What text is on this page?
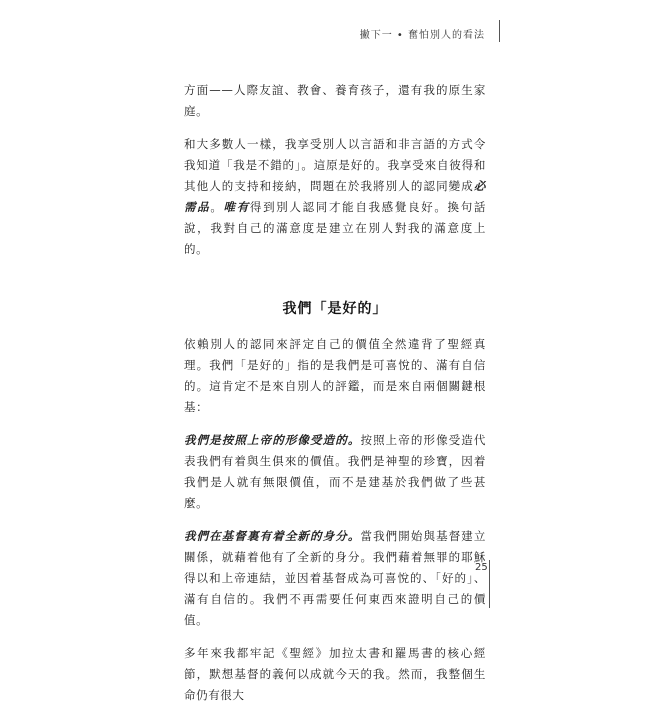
撇下一 • 奮怕別人的看法

方面——人際友誼、教會、養育孩子，還有我的原生家庭。

和大多數人一樣，我享受別人以言語和非言語的方式令我知道「我是不錯的」。這原是好的。我享受來自彼得和其他人的支持和接納，問題在於我將別人的認同變成必需品。唯有得到別人認同才能自我感覺良好。換句話說，我對自己的滿意度是建立在別人對我的滿意度上的。

我們「是好的」

依賴別人的認同來評定自己的價值全然違背了聖經真理。我們「是好的」指的是我們是可喜悅的、滿有自信的。這肯定不是來自別人的評鑑，而是來自兩個關鍵根基：

我們是按照上帝的形像受造的。按照上帝的形像受造代表我們有着與生俱來的價值。我們是神聖的珍寶，因着我們是人就有無限價值，而不是建基於我們做了些甚麼。

我們在基督裏有着全新的身分。當我們開始與基督建立關係，就藉着他有了全新的身分。我們藉着無罪的耶穌得以和上帝連結，並因着基督成為可喜悅的、「好的」、滿有自信的。我們不再需要任何東西來證明自己的價值。

多年來我都牢記《聖經》加拉太書和羅馬書的核心經節，默想基督的義何以成就今天的我。然而，我整個生命仍有很大

25
